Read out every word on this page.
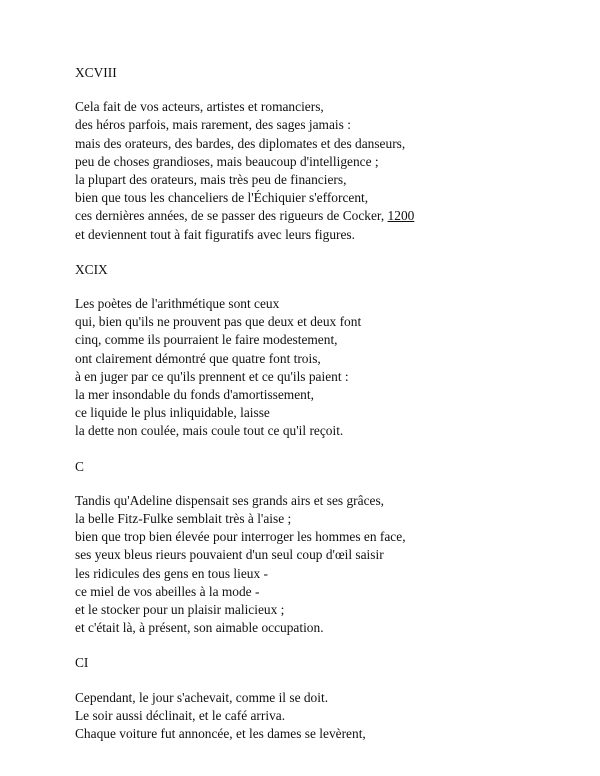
XCVIII
Cela fait de vos acteurs, artistes et romanciers,
des héros parfois, mais rarement, des sages jamais :
mais des orateurs, des bardes, des diplomates et des danseurs,
peu de choses grandioses, mais beaucoup d'intelligence ;
la plupart des orateurs, mais très peu de financiers,
bien que tous les chanceliers de l'Échiquier s'efforcent,
ces dernières années, de se passer des rigueurs de Cocker, 1200
et deviennent tout à fait figuratifs avec leurs figures.
XCIX
Les poètes de l'arithmétique sont ceux
qui, bien qu'ils ne prouvent pas que deux et deux font
cinq, comme ils pourraient le faire modestement,
ont clairement démontré que quatre font trois,
à en juger par ce qu'ils prennent et ce qu'ils paient :
la mer insondable du fonds d'amortissement,
ce liquide le plus inliquidable, laisse
la dette non coulée, mais coule tout ce qu'il reçoit.
C
Tandis qu'Adeline dispensait ses grands airs et ses grâces,
la belle Fitz-Fulke semblait très à l'aise ;
bien que trop bien élevée pour interroger les hommes en face,
ses yeux bleus rieurs pouvaient d'un seul coup d'œil saisir
les ridicules des gens en tous lieux -
ce miel de vos abeilles à la mode -
et le stocker pour un plaisir malicieux ;
et c'était là, à présent, son aimable occupation.
CI
Cependant, le jour s'achevait, comme il se doit.
Le soir aussi déclinait, et le café arriva.
Chaque voiture fut annoncée, et les dames se levèrent,
